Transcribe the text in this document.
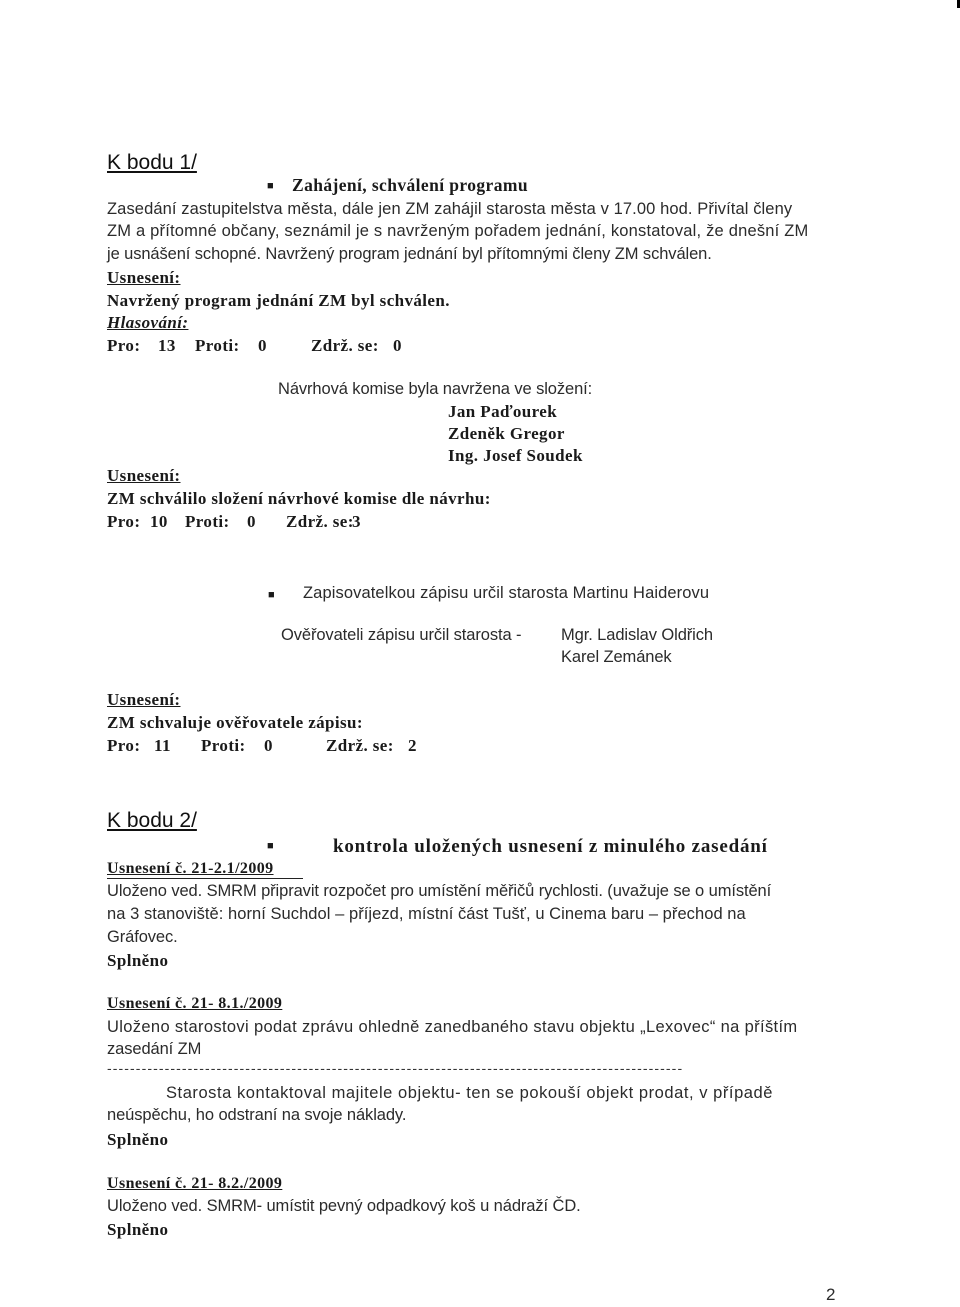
K bodu 1/
■ Zahájení, schválení programu
Zasedání zastupitelstva města, dále jen ZM zahájil starosta města v 17.00 hod. Přivítal členy
ZM a přítomné občany, seznámil je s navrženým pořadem jednání, konstatoval, že dnešní ZM
je usnášení schopné. Navržený program jednání byl přítomnými členy ZM schválen.
Usnesení:
Navržený program jednání ZM byl schválen.
Hlasování:
Pro: 13 Proti: 0	Zdrž. se: 0
Návrhová komise byla navržena ve složení:
Jan Paďourek
Zdeněk Gregor
Ing. Josef Soudek
Usnesení:
ZM schválilo složení návrhové komise dle návrhu:
Pro: 10 Proti: 0 Zdrž. se:
3
■ Zapisovatelkou zápisu určil starosta Martinu Haiderovu
Ověřovateli zápisu určil starosta - Mgr. Ladislav Oldřich
Karel Zemánek
Usnesení:
ZM schvaluje ověřovatele zápisu:
Pro: 11 Proti: 0	Zdrž. se: 2
K bodu 2/
■	kontrola uložených usnesení z minulého zasedání
Usnesení č. 21-2.1/2009
Uloženo ved. SMRM připravit rozpočet pro umístění měřičů rychlosti. (uvažuje se o umístění
na 3 stanoviště: horní Suchdol – příjezd, místní část Tušť, u Cinema baru – přechod na
Gráfovec.
Splněno
Usnesení č. 21- 8.1./2009
Uloženo starostovi podat zprávu ohledně zanedbaného stavu objektu „Lexovec“ na příštím
zasedání ZM
----------------------------------------------------------------------------------------------------
Starosta kontaktoval majitele objektu- ten se pokouší objekt prodat, v případě
neúspěchu, ho odstraní na svoje náklady.
Splněno
Usnesení č. 21- 8.2./2009
Uloženo ved. SMRM- umístit pevný odpadkový koš u nádraží ČD.
Splněno
2
